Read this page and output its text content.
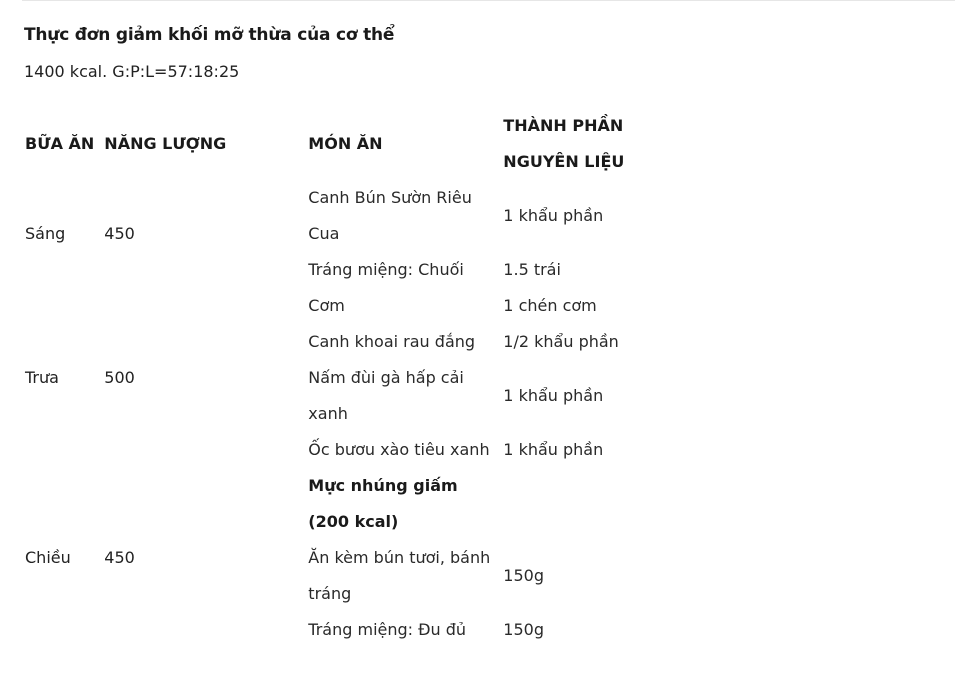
Thực đơn giảm khối mỡ thừa của cơ thể
1400 kcal. G:P:L=57:18:25
BỮA ĂN	NĂNG LƯỢNG	MÓN ĂN	THÀNH PHẦN
NGUYÊN LIỆU
Sáng	450	Canh Bún Sườn Riêu Cua	1 khẩu phần
		Tráng miệng: Chuối	1.5 trái
Trưa	500	Cơm	1 chén cơm
		Canh khoai rau đắng	1/2 khẩu phần
		Nấm đùi gà hấp cải xanh	1 khẩu phần
		Ốc bươu xào tiêu xanh	1 khẩu phần
Chiều	450	Mực nhúng giấm (200 kcal)	
		Ăn kèm bún tươi, bánh tráng	150g
		Tráng miệng: Đu đủ	150g
